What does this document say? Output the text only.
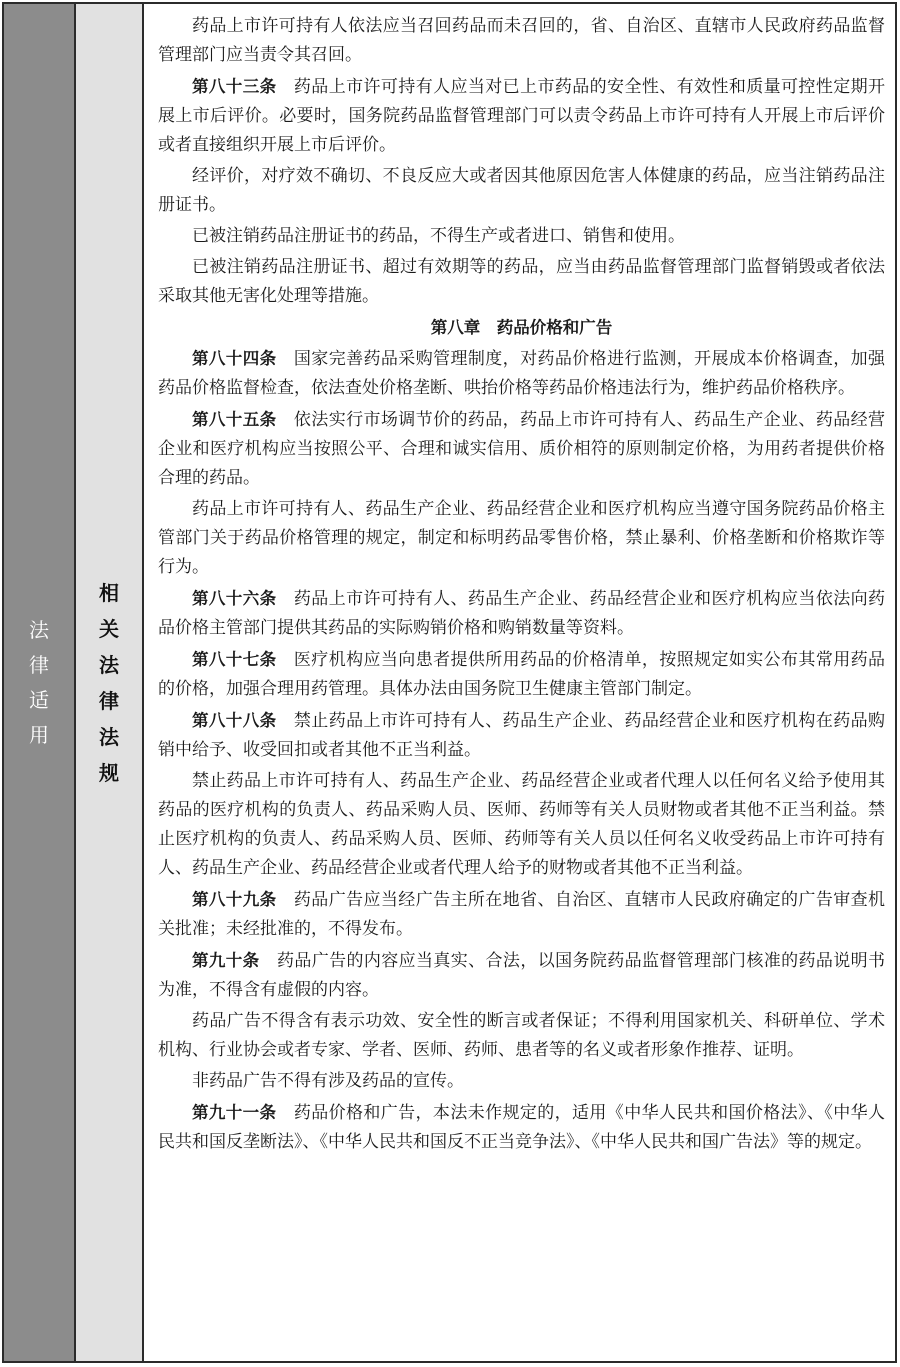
法律适用
相关法律法规

药品上市许可持有人依法应当召回药品而未召回的，省、自治区、直辖市人民政府药品监督管理部门应当责令其召回。

第八十三条　 药品上市许可持有人应当对已上市药品的安全性、有效性和质量可控性定期开展上市后评价。必要时，国务院药品监督管理部门可以责令药品上市许可持有人开展上市后评价或者直接组织开展上市后评价。

经评价，对疗效不确切、不良反应大或者因其他原因危害人体健康的药品，应当注销药品注册证书。

已被注销药品注册证书的药品，不得生产或者进口、销售和使用。

已被注销药品注册证书、超过有效期等的药品，应当由药品监督管理部门监督销毁或者依法采取其他无害化处理等措施。

第八章　药品价格和广告

第八十四条　 国家完善药品采购管理制度，对药品价格进行监测，开展成本价格调查，加强药品价格监督检查，依法查处价格垄断、哄抬价格等药品价格违法行为，维护药品价格秩序。

第八十五条　 依法实行市场调节价的药品，药品上市许可持有人、药品生产企业、药品经营企业和医疗机构应当按照公平、合理和诚实信用、质价相符的原则制定价格，为用药者提供价格合理的药品。

药品上市许可持有人、药品生产企业、药品经营企业和医疗机构应当遵守国务院药品价格主管部门关于药品价格管理的规定，制定和标明药品零售价格，禁止暴利、价格垄断和价格欺诈等行为。

第八十六条　 药品上市许可持有人、药品生产企业、药品经营企业和医疗机构应当依法向药品价格主管部门提供其药品的实际购销价格和购销数量等资料。

第八十七条　 医疗机构应当向患者提供所用药品的价格清单，按照规定如实公布其常用药品的价格，加强合理用药管理。具体办法由国务院卫生健康主管部门制定。

第八十八条　 禁止药品上市许可持有人、药品生产企业、药品经营企业和医疗机构在药品购销中给予、收受回扣或者其他不正当利益。

禁止药品上市许可持有人、药品生产企业、药品经营企业或者代理人以任何名义给予使用其药品的医疗机构的负责人、药品采购人员、医师、药师等有关人员财物或者其他不正当利益。禁止医疗机构的负责人、药品采购人员、医师、药师等有关人员以任何名义收受药品上市许可持有人、药品生产企业、药品经营企业或者代理人给予的财物或者其他不正当利益。

第八十九条　 药品广告应当经广告主所在地省、自治区、直辖市人民政府确定的广告审查机关批准；未经批准的，不得发布。

第九十条　 药品广告的内容应当真实、合法，以国务院药品监督管理部门核准的药品说明书为准，不得含有虚假的内容。

药品广告不得含有表示功效、安全性的断言或者保证；不得利用国家机关、科研单位、学术机构、行业协会或者专家、学者、医师、药师、患者等的名义或者形象作推荐、证明。

非药品广告不得有涉及药品的宣传。

第九十一条　 药品价格和广告，本法未作规定的，适用《中华人民共和国价格法》、《中华人民共和国反垄断法》、《中华人民共和国反不正当竞争法》、《中华人民共和国广告法》等的规定。
